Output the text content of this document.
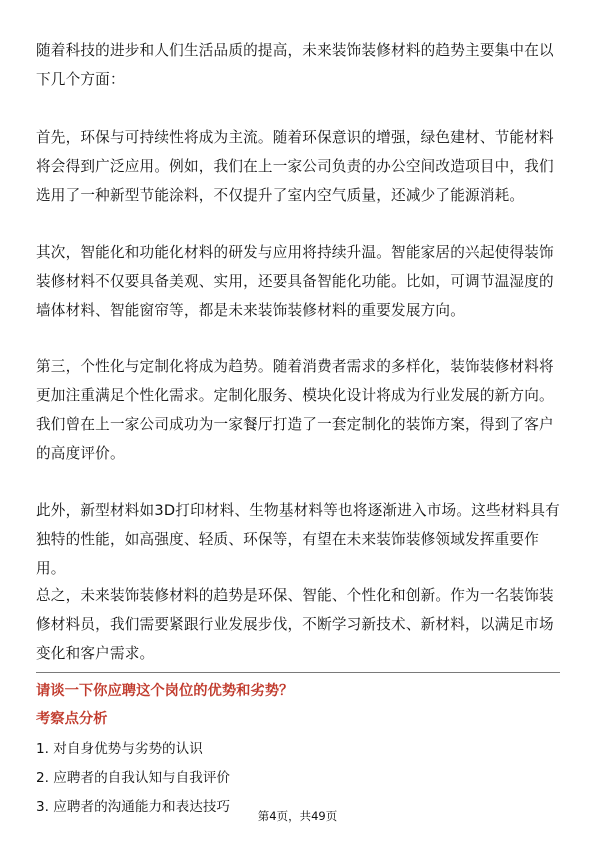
随着科技的进步和人们生活品质的提高，未来装饰装修材料的趋势主要集中在以下几个方面：

首先，环保与可持续性将成为主流。随着环保意识的增强，绿色建材、节能材料将会得到广泛应用。例如，我们在上一家公司负责的办公空间改造项目中，我们选用了一种新型节能涂料，不仅提升了室内空气质量，还减少了能源消耗。

其次，智能化和功能化材料的研发与应用将持续升温。智能家居的兴起使得装饰装修材料不仅要具备美观、实用，还要具备智能化功能。比如，可调节温湿度的墙体材料、智能窗帘等，都是未来装饰装修材料的重要发展方向。

第三，个性化与定制化将成为趋势。随着消费者需求的多样化，装饰装修材料将更加注重满足个性化需求。定制化服务、模块化设计将成为行业发展的新方向。我们曾在上一家公司成功为一家餐厅打造了一套定制化的装饰方案，得到了客户的高度评价。

此外，新型材料如3D打印材料、生物基材料等也将逐渐进入市场。这些材料具有独特的性能，如高强度、轻质、环保等，有望在未来装饰装修领域发挥重要作用。

总之，未来装饰装修材料的趋势是环保、智能、个性化和创新。作为一名装饰装修材料员，我们需要紧跟行业发展步伐，不断学习新技术、新材料，以满足市场变化和客户需求。

请谈一下你应聘这个岗位的优势和劣势？

考察点分析

1. 对自身优势与劣势的认识
2. 应聘者的自我认知与自我评价
3. 应聘者的沟通能力和表达技巧
第4页，共49页
